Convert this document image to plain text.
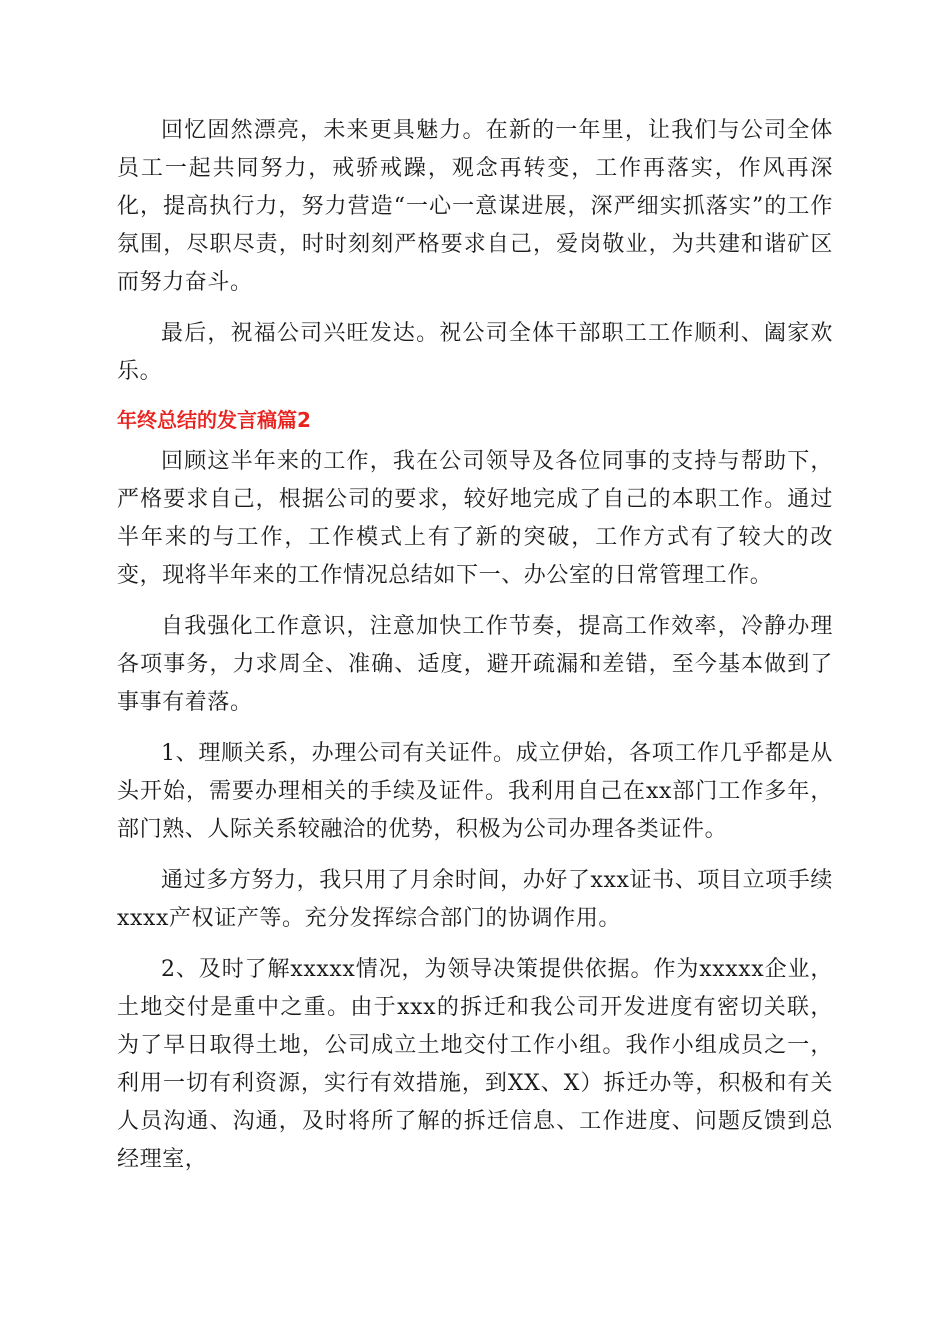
回忆固然漂亮，未来更具魅力。在新的一年里，让我们与公司全体员工一起共同努力，戒骄戒躁，观念再转变，工作再落实，作风再深化，提高执行力，努力营造“一心一意谋进展，深严细实抓落实”的工作氛围，尽职尽责，时时刻刻严格要求自己，爱岗敬业，为共建和谐矿区而努力奋斗。

最后，祝福公司兴旺发达。祝公司全体干部职工工作顺利、阖家欢乐。

年终总结的发言稿篇2

回顾这半年来的工作，我在公司领导及各位同事的支持与帮助下，严格要求自己，根据公司的要求，较好地完成了自己的本职工作。通过半年来的与工作，工作模式上有了新的突破，工作方式有了较大的改变，现将半年来的工作情况总结如下一、办公室的日常管理工作。

自我强化工作意识，注意加快工作节奏，提高工作效率，冷静办理各项事务，力求周全、准确、适度，避开疏漏和差错，至今基本做到了事事有着落。

1、理顺关系，办理公司有关证件。成立伊始，各项工作几乎都是从头开始，需要办理相关的手续及证件。我利用自己在xx部门工作多年，部门熟、人际关系较融洽的优势，积极为公司办理各类证件。

通过多方努力，我只用了月余时间，办好了xxx证书、项目立项手续xxxx产权证产等。充分发挥综合部门的协调作用。

2、及时了解xxxxx情况，为领导决策提供依据。作为xxxxx企业，土地交付是重中之重。由于xxx的拆迁和我公司开发进度有密切关联，为了早日取得土地，公司成立土地交付工作小组。我作小组成员之一，利用一切有利资源，实行有效措施，到XX、X）拆迁办等，积极和有关人员沟通、沟通，及时将所了解的拆迁信息、工作进度、问题反馈到总经理室，
